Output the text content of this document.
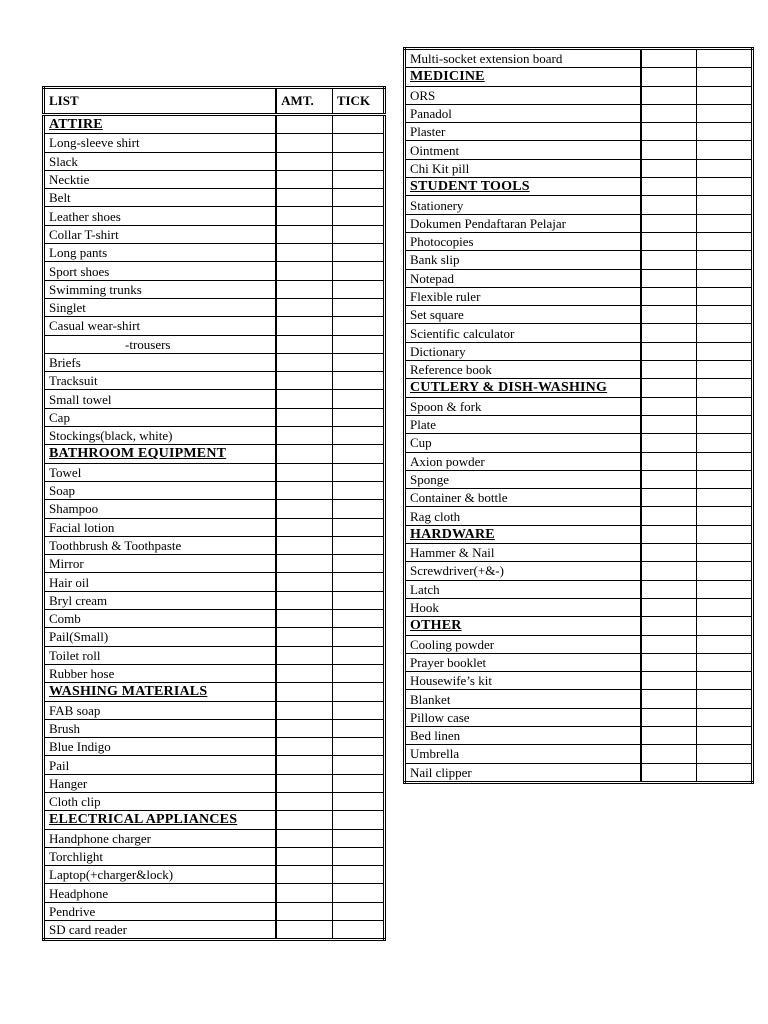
LIST	AMT.	TICK
ATTIRE		
Long-sleeve shirt		
Slack		
Necktie		
Belt		
Leather shoes		
Collar T-shirt		
Long pants		
Sport shoes		
Swimming trunks		
Singlet		
Casual wear-shirt		
-trousers		
Briefs		
Tracksuit		
Small towel		
Cap		
Stockings(black, white)		
BATHROOM EQUIPMENT		
Towel		
Soap		
Shampoo		
Facial lotion		
Toothbrush & Toothpaste		
Mirror		
Hair oil		
Bryl cream		
Comb		
Pail(Small)		
Toilet roll		
Rubber hose		
WASHING MATERIALS		
FAB soap		
Brush		
Blue Indigo		
Pail		
Hanger		
Cloth clip		
ELECTRICAL APPLIANCES		
Handphone charger		
Torchlight		
Laptop(+charger&lock)		
Headphone		
Pendrive		
SD card reader		
Multi-socket extension board		
MEDICINE		
ORS		
Panadol		
Plaster		
Ointment		
Chi Kit pill		
STUDENT TOOLS		
Stationery		
Dokumen Pendaftaran Pelajar		
Photocopies		
Bank slip		
Notepad		
Flexible ruler		
Set square		
Scientific calculator		
Dictionary		
Reference book		
CUTLERY & DISH-WASHING		
Spoon & fork		
Plate		
Cup		
Axion powder		
Sponge		
Container & bottle		
Rag cloth		
HARDWARE		
Hammer & Nail		
Screwdriver(+&-)		
Latch		
Hook		
OTHER		
Cooling powder		
Prayer booklet		
Housewife’s kit		
Blanket		
Pillow case		
Bed linen		
Umbrella		
Nail clipper		
